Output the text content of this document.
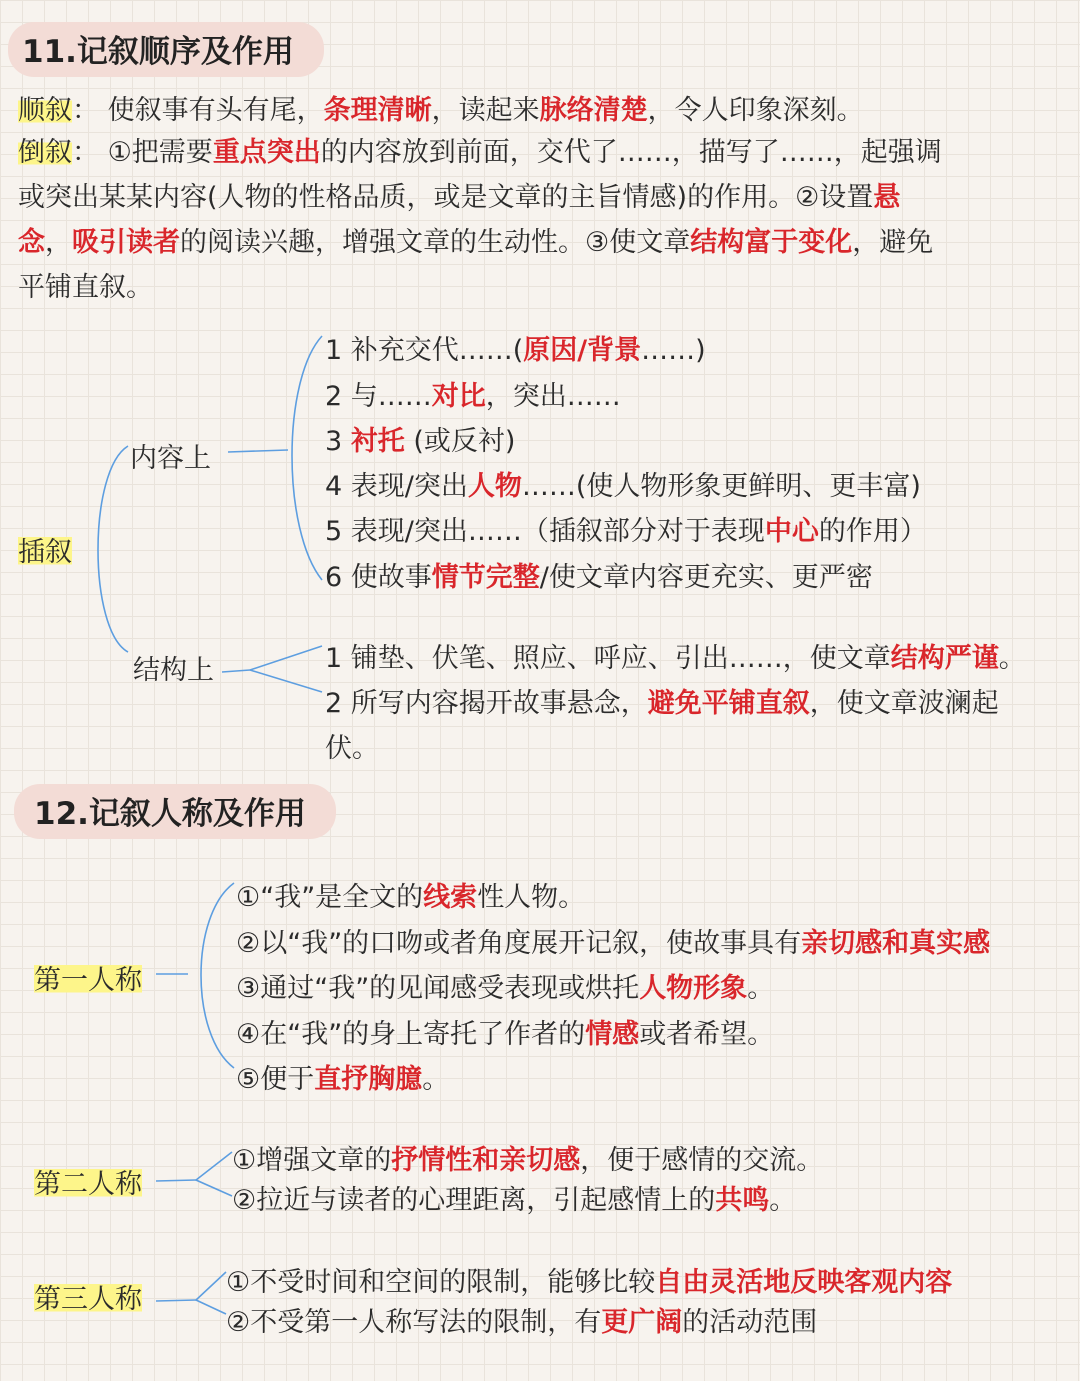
11.记叙顺序及作用
顺叙： 使叙事有头有尾，条理清晰，读起来脉络清楚，令人印象深刻。
倒叙： ①把需要重点突出的内容放到前面，交代了……，描写了……，起强调
或突出某某内容(人物的性格品质，或是文章的主旨情感)的作用。②设置悬
念，吸引读者的阅读兴趣，增强文章的生动性。③使文章结构富于变化，避免
平铺直叙。
插叙
内容上
结构上
1 补充交代……(原因/背景……)
2 与……对比，突出……
3 衬托 (或反衬)
4 表现/突出人物……(使人物形象更鲜明、更丰富)
5 表现/突出……（插叙部分对于表现中心的作用）
6 使故事情节完整/使文章内容更充实、更严密
1 铺垫、伏笔、照应、呼应、引出……，使文章结构严谨。
2 所写内容揭开故事悬念，避免平铺直叙，使文章波澜起
伏。
12.记叙人称及作用
第一人称
①“我”是全文的线索性人物。
②以“我”的口吻或者角度展开记叙，使故事具有亲切感和真实感
③通过“我”的见闻感受表现或烘托人物形象。
④在“我”的身上寄托了作者的情感或者希望。
⑤便于直抒胸臆。
第二人称
①增强文章的抒情性和亲切感，便于感情的交流。
②拉近与读者的心理距离，引起感情上的共鸣。
第三人称
①不受时间和空间的限制，能够比较自由灵活地反映客观内容
②不受第一人称写法的限制，有更广阔的活动范围
